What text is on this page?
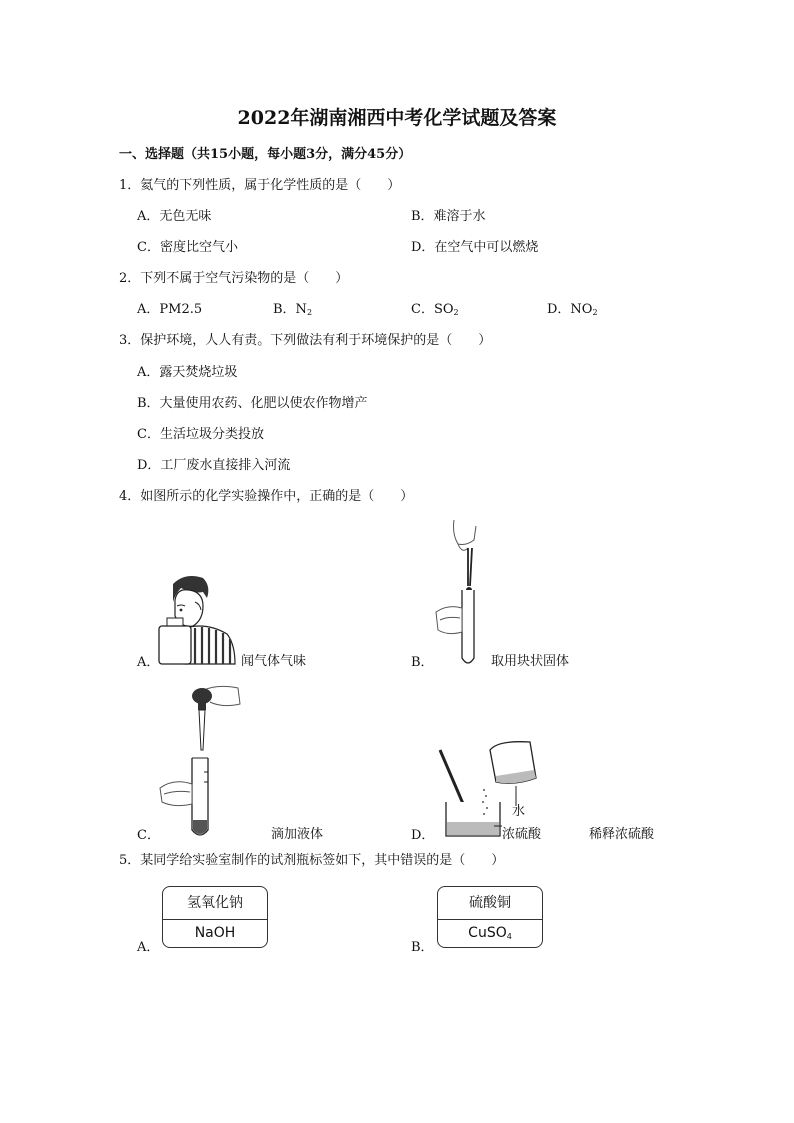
2022年湖南湘西中考化学试题及答案
一、选择题（共15小题，每小题3分，满分45分）
1．氦气的下列性质，属于化学性质的是（　　）
A．无色无味	B．难溶于水
C．密度比空气小	D．在空气中可以燃烧
2．下列不属于空气污染物的是（　　）
A．PM2.5	B．$N_2$	C．$SO_2$	D．$NO_2$
3．保护环境，人人有责。下列做法有利于环境保护的是（　　）
A．露天焚烧垃圾
B．大量使用农药、化肥以使农作物增产
C．生活垃圾分类投放
D．工厂废水直接排入河流
4．如图所示的化学实验操作中，正确的是（　　）
A．	闻气体气味	B．	取用块状固体
C．	滴加液体
水
浓硫酸
D．	稀释浓硫酸
5．某同学给实验室制作的试剂瓶标签如下，其中错误的是（　　）
氢氧化钠
NaOH
A．
硫酸铜
CuSO$_4$
B．
